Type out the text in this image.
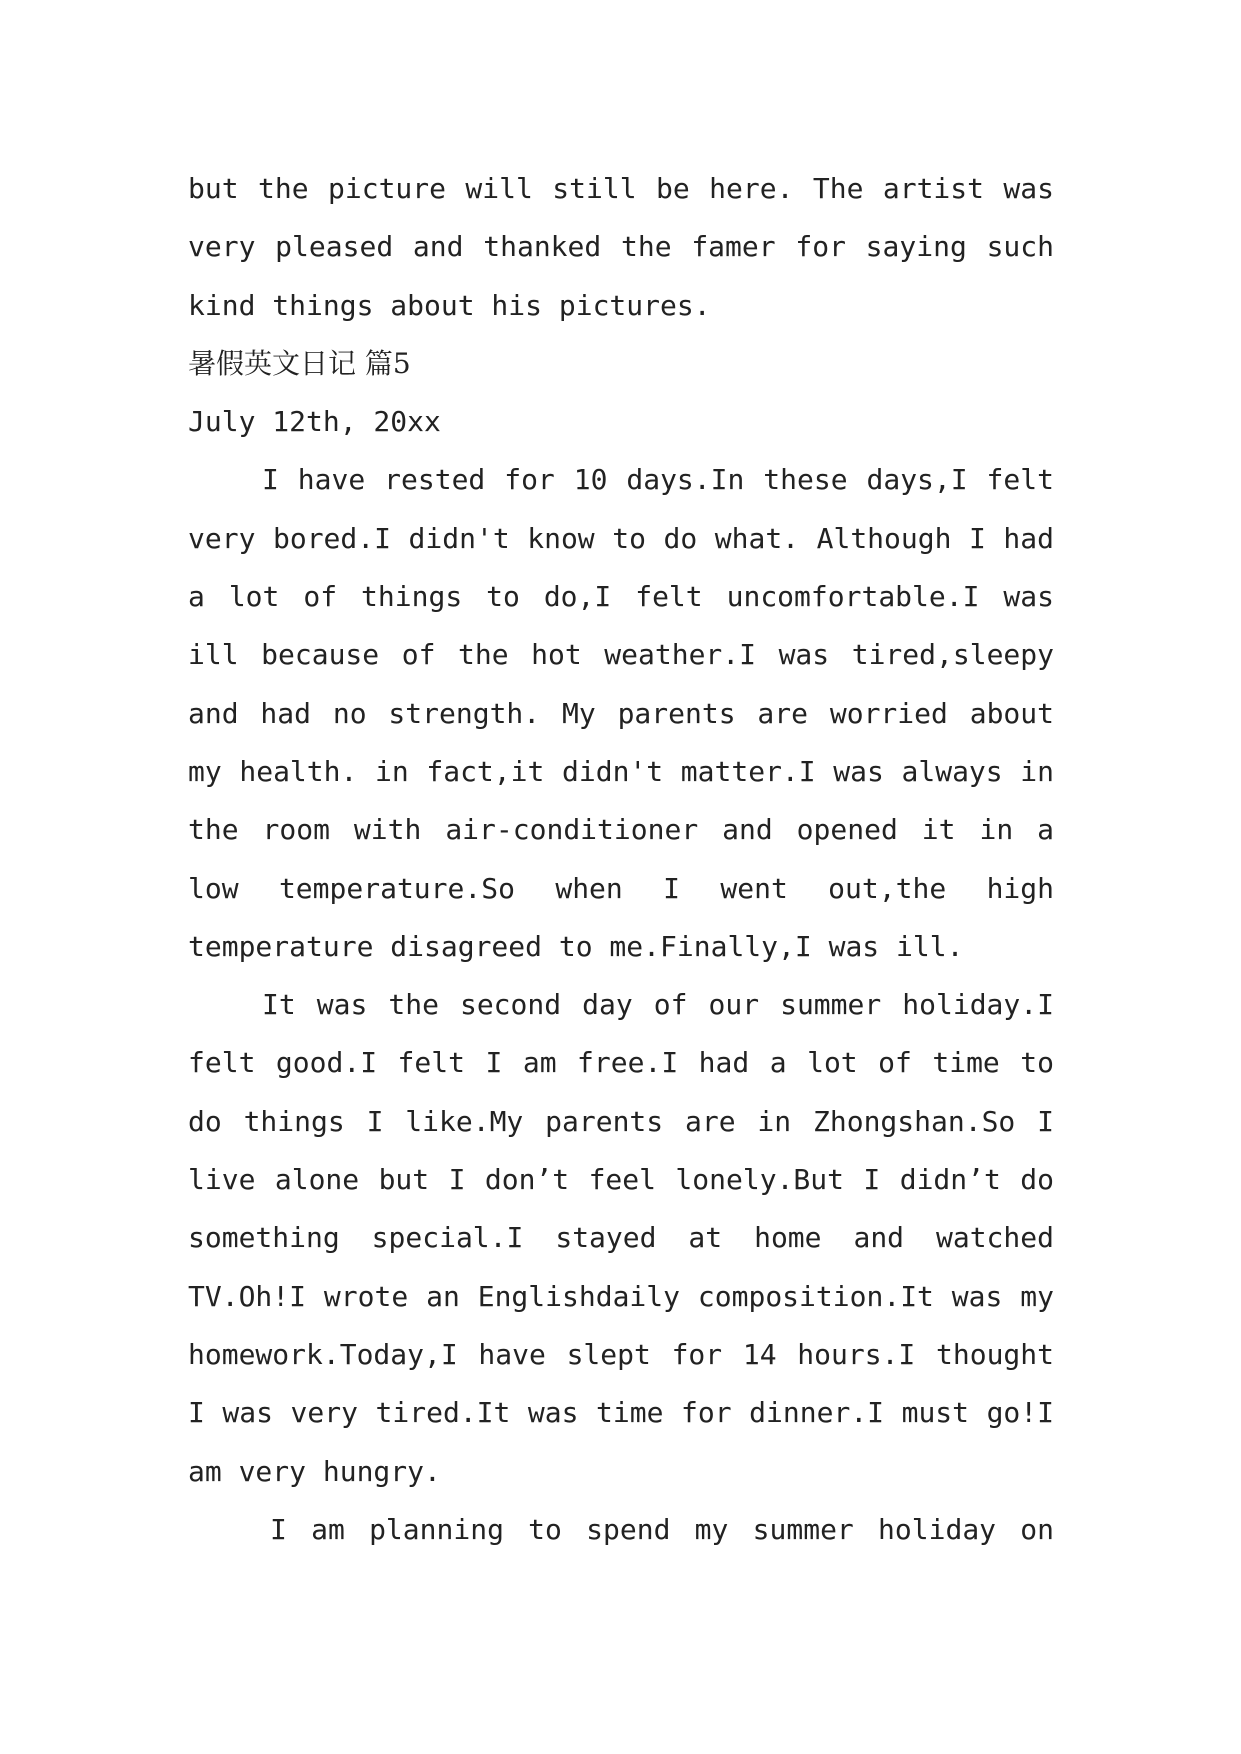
but the picture will still be here. The artist was
very pleased and thanked the famer for saying such
kind things about his pictures.
暑假英文日记 篇5
July 12th, 20xx
I have rested for 10 days.In these days,I felt
very bored.I didn't know to do what. Although I had
a lot of things to do,I felt uncomfortable.I was
ill because of the hot weather.I was tired,sleepy
and had no strength. My parents are worried about
my health. in fact,it didn't matter.I was always in
the room with air-conditioner and opened it in a
low temperature.So when I went out,the high
temperature disagreed to me.Finally,I was ill.
It was the second day of our summer holiday.I
felt good.I felt I am free.I had a lot of time to
do things I like.My parents are in Zhongshan.So I
live alone but I don’t feel lonely.But I didn’t do
something special.I stayed at home and watched
TV.Oh!I wrote an Englishdaily composition.It was my
homework.Today,I have slept for 14 hours.I thought
I was very tired.It was time for dinner.I must go!I
am very hungry.
I am planning to spend my summer holiday on
